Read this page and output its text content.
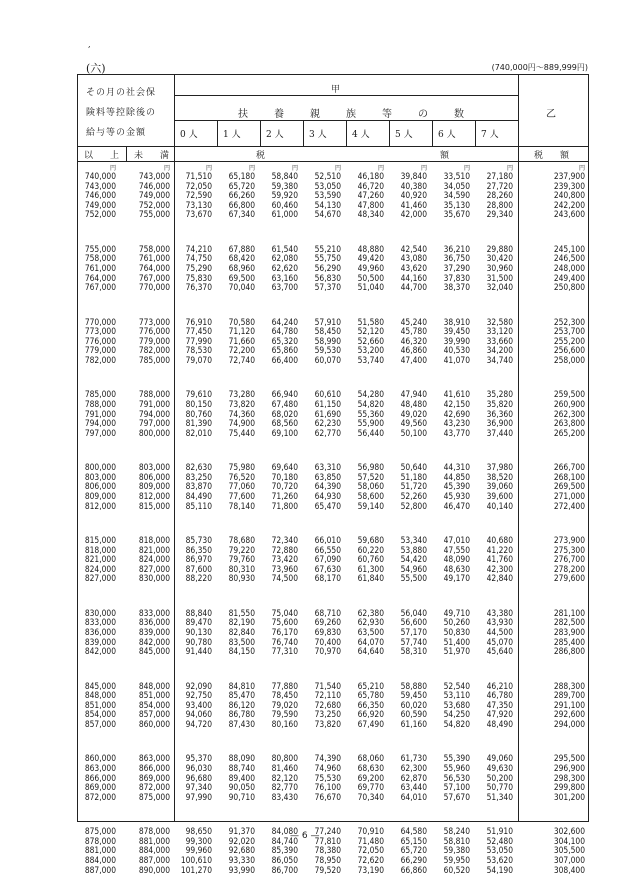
,
(六)	(740,000円～889,999円)
その月の社会保
険料等控除後の
給与等の金額
甲
乙
扶養親族等の数
0 人	1 人	2 人	3 人	4 人	5 人	6 人	7 人
以　上 未　満	税	額	税　額
740,000	743,000 71,510 65,180 58,840 52,510 46,180 39,840 33,510 27,180	237,900
743,000	746,000 72,050 65,720 59,380 53,050 46,720 40,380 34,050 27,720	239,300
746,000	749,000 72,590 66,260 59,920 53,590 47,260 40,920 34,590 28,260	240,800
749,000	752,000 73,130 66,800 60,460 54,130 47,800 41,460 35,130 28,800	242,200
752,000	755,000 73,670 67,340 61,000 54,670 48,340 42,000 35,670 29,340	243,600
755,000	758,000 74,210 67,880 61,540 55,210 48,880 42,540 36,210 29,880	245,100
758,000	761,000 74,750 68,420 62,080 55,750 49,420 43,080 36,750 30,420	246,500
761,000	764,000 75,290 68,960 62,620 56,290 49,960 43,620 37,290 30,960	248,000
764,000	767,000 75,830 69,500 63,160 56,830 50,500 44,160 37,830 31,500	249,400
767,000	770,000 76,370 70,040 63,700 57,370 51,040 44,700 38,370 32,040	250,800
770,000	773,000 76,910 70,580 64,240 57,910 51,580 45,240 38,910 32,580	252,300
773,000	776,000 77,450 71,120 64,780 58,450 52,120 45,780 39,450 33,120	253,700
776,000	779,000 77,990 71,660 65,320 58,990 52,660 46,320 39,990 33,660	255,200
779,000	782,000 78,530 72,200 65,860 59,530 53,200 46,860 40,530 34,200	256,600
782,000	785,000 79,070 72,740 66,400 60,070 53,740 47,400 41,070 34,740	258,000
785,000	788,000 79,610 73,280 66,940 60,610 54,280 47,940 41,610 35,280	259,500
788,000	791,000 80,150 73,820 67,480 61,150 54,820 48,480 42,150 35,820	260,900
791,000	794,000 80,760 74,360 68,020 61,690 55,360 49,020 42,690 36,360	262,300
794,000	797,000 81,390 74,900 68,560 62,230 55,900 49,560 43,230 36,900	263,800
797,000	800,000 82,010 75,440 69,100 62,770 56,440 50,100 43,770 37,440	265,200
800,000	803,000 82,630 75,980 69,640 63,310 56,980 50,640 44,310 37,980	266,700
803,000	806,000 83,250 76,520 70,180 63,850 57,520 51,180 44,850 38,520	268,100
806,000	809,000 83,870 77,060 70,720 64,390 58,060 51,720 45,390 39,060	269,500
809,000	812,000 84,490 77,600 71,260 64,930 58,600 52,260 45,930 39,600	271,000
812,000	815,000 85,110 78,140 71,800 65,470 59,140 52,800 46,470 40,140	272,400
815,000	818,000 85,730 78,680 72,340 66,010 59,680 53,340 47,010 40,680	273,900
818,000	821,000 86,350 79,220 72,880 66,550 60,220 53,880 47,550 41,220	275,300
821,000	824,000 86,970 79,760 73,420 67,090 60,760 54,420 48,090 41,760	276,700
824,000	827,000 87,600 80,310 73,960 67,630 61,300 54,960 48,630 42,300	278,200
827,000	830,000 88,220 80,930 74,500 68,170 61,840 55,500 49,170 42,840	279,600
830,000	833,000 88,840 81,550 75,040 68,710 62,380 56,040 49,710 43,380	281,100
833,000	836,000 89,470 82,190 75,600 69,260 62,930 56,600 50,260 43,930	282,500
836,000	839,000 90,130 82,840 76,170 69,830 63,500 57,170 50,830 44,500	283,900
839,000	842,000 90,780 83,500 76,740 70,400 64,070 57,740 51,400 45,070	285,400
842,000	845,000 91,440 84,150 77,310 70,970 64,640 58,310 51,970 45,640	286,800
845,000	848,000 92,090 84,810 77,880 71,540 65,210 58,880 52,540 46,210	288,300
848,000	851,000 92,750 85,470 78,450 72,110 65,780 59,450 53,110 46,780	289,700
851,000	854,000 93,400 86,120 79,020 72,680 66,350 60,020 53,680 47,350	291,100
854,000	857,000 94,060 86,780 79,590 73,250 66,920 60,590 54,250 47,920	292,600
857,000	860,000 94,720 87,430 80,160 73,820 67,490 61,160 54,820 48,490	294,000
860,000	863,000 95,370 88,090 80,800 74,390 68,060 61,730 55,390 49,060	295,500
863,000	866,000 96,030 88,740 81,460 74,960 68,630 62,300 55,960 49,630	296,900
866,000	869,000 96,680 89,400 82,120 75,530 69,200 62,870 56,530 50,200	298,300
869,000	872,000 97,340 90,050 82,770 76,100 69,770 63,440 57,100 50,770	299,800
872,000	875,000 97,990 90,710 83,430 76,670 70,340 64,010 57,670 51,340	301,200
875,000	878,000 98,650 91,370 84,080 77,240 70,910 64,580 58,240 51,910	302,600
878,000	881,000 99,300 92,020 84,740 77,810 71,480 65,150 58,810 52,480	304,100
881,000	884,000 99,960 92,680 85,390 78,380 72,050 65,720 59,380 53,050	305,500
884,000	887,000 100,610 93,330 86,050 78,950 72,620 66,290 59,950 53,620	307,000
887,000	890,000 101,270 93,990 86,700 79,520 73,190 66,860 60,520 54,190	308,400
円	円	円	円	円	円	円	円	円	円	円
— 6 —
